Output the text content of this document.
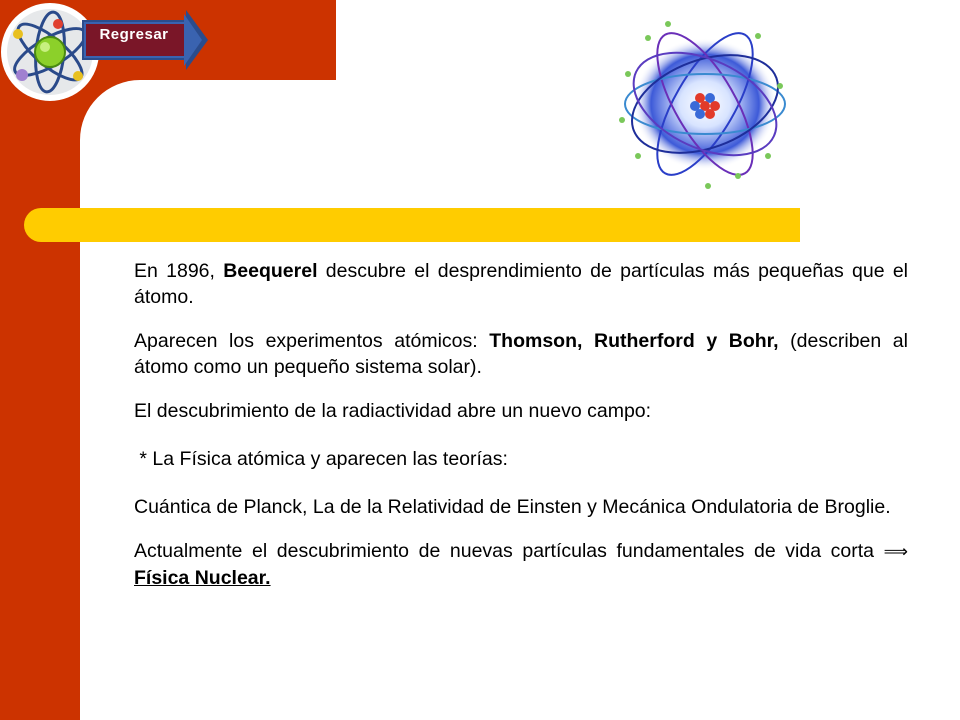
Regresar

En 1896, Beequerel descubre el desprendimiento de partículas más pequeñas que el átomo.

Aparecen los experimentos atómicos: Thomson, Rutherford y Bohr, (describen al átomo como un pequeño sistema solar).

El descubrimiento de la radiactividad abre un nuevo campo:

* La Física atómica y aparecen las teorías:

Cuántica de Planck, La de la Relatividad de Einsten y Mecánica Ondulatoria de Broglie.

Actualmente el descubrimiento de nuevas partículas fundamentales de vida corta ⟹ Física Nuclear.
